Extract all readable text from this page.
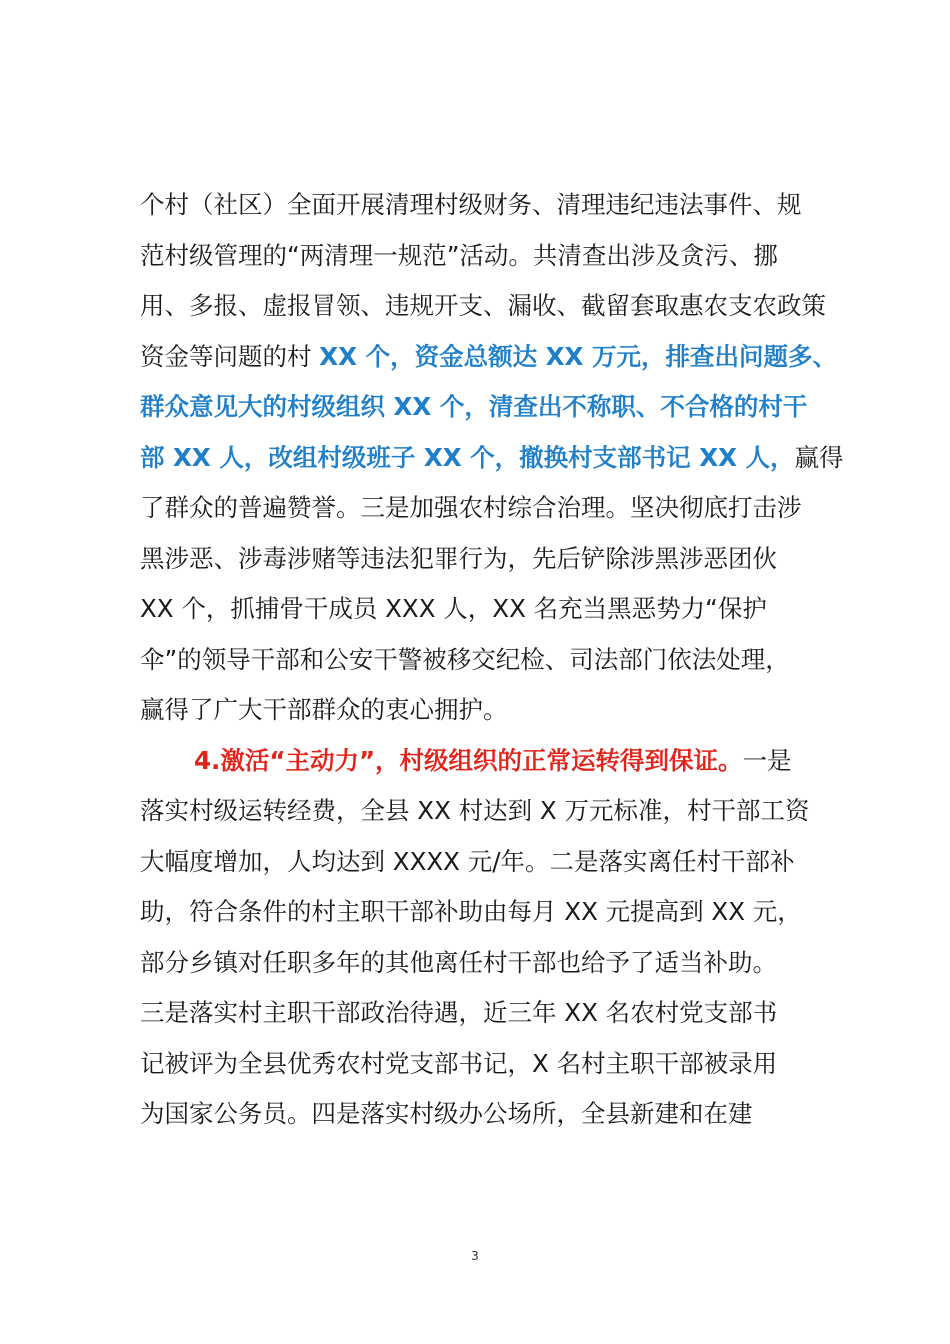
个村（社区）全面开展清理村级财务、清理违纪违法事件、规
范村级管理的“两清理一规范”活动。共清查出涉及贪污、挪
用、多报、虚报冒领、违规开支、漏收、截留套取惠农支农政策
资金等问题的村 XX 个，资金总额达 XX 万元，排查出问题多、
群众意见大的村级组织 XX 个，清查出不称职、不合格的村干
部 XX 人，改组村级班子 XX 个，撤换村支部书记 XX 人，赢得
了群众的普遍赞誉。三是加强农村综合治理。坚决彻底打击涉
黑涉恶、涉毒涉赌等违法犯罪行为，先后铲除涉黑涉恶团伙
XX 个，抓捕骨干成员 XXX 人，XX 名充当黑恶势力“保护
伞”的领导干部和公安干警被移交纪检、司法部门依法处理，
赢得了广大干部群众的衷心拥护。
4.激活“主动力”，村级组织的正常运转得到保证。一是
落实村级运转经费，全县 XX 村达到 X 万元标准，村干部工资
大幅度增加，人均达到 XXXX 元/年。二是落实离任村干部补
助，符合条件的村主职干部补助由每月 XX 元提高到 XX 元，
部分乡镇对任职多年的其他离任村干部也给予了适当补助。
三是落实村主职干部政治待遇，近三年 XX 名农村党支部书
记被评为全县优秀农村党支部书记，X 名村主职干部被录用
为国家公务员。四是落实村级办公场所，全县新建和在建
3
